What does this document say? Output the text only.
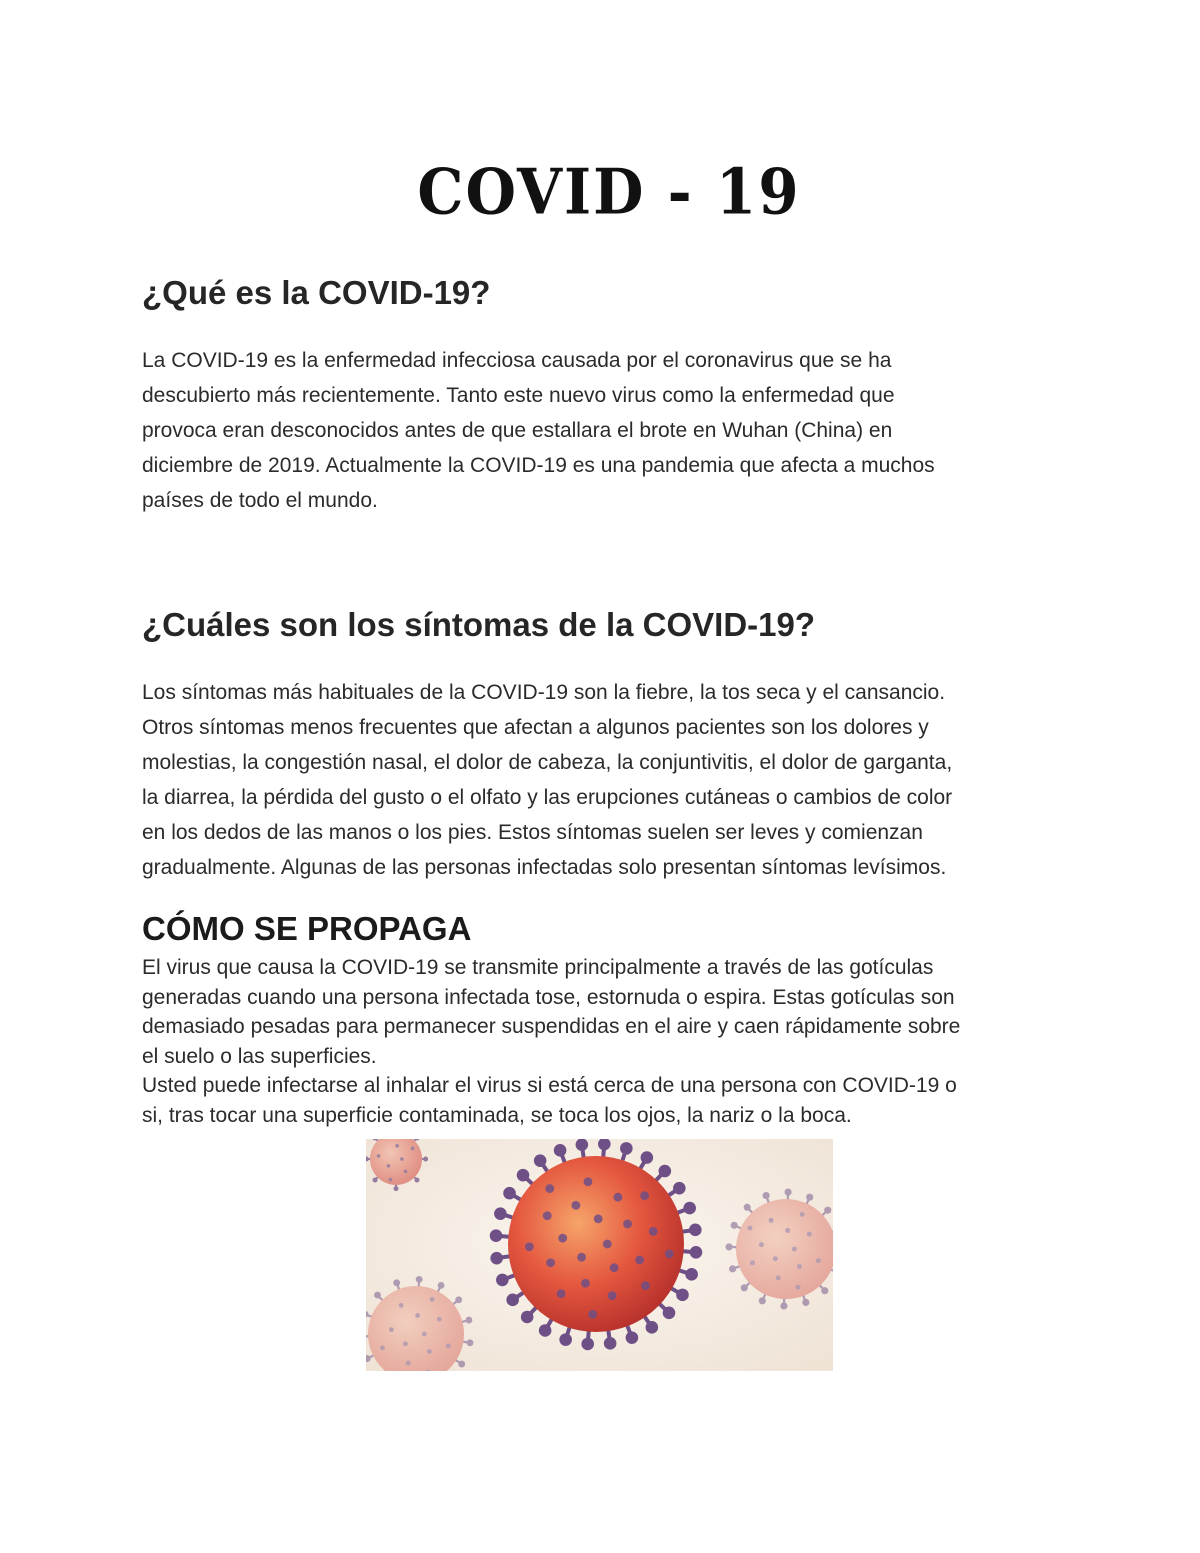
COVID - 19
¿Qué es la COVID-19?
La COVID-19 es la enfermedad infecciosa causada por el coronavirus que se ha
descubierto más recientemente. Tanto este nuevo virus como la enfermedad que
provoca eran desconocidos antes de que estallara el brote en Wuhan (China) en
diciembre de 2019. Actualmente la COVID-19 es una pandemia que afecta a muchos
países de todo el mundo.
¿Cuáles son los síntomas de la COVID-19?
Los síntomas más habituales de la COVID-19 son la fiebre, la tos seca y el cansancio.
Otros síntomas menos frecuentes que afectan a algunos pacientes son los dolores y
molestias, la congestión nasal, el dolor de cabeza, la conjuntivitis, el dolor de garganta,
la diarrea, la pérdida del gusto o el olfato y las erupciones cutáneas o cambios de color
en los dedos de las manos o los pies. Estos síntomas suelen ser leves y comienzan
gradualmente. Algunas de las personas infectadas solo presentan síntomas levísimos.
CÓMO SE PROPAGA
El virus que causa la COVID-19 se transmite principalmente a través de las gotículas
generadas cuando una persona infectada tose, estornuda o espira. Estas gotículas son
demasiado pesadas para permanecer suspendidas en el aire y caen rápidamente sobre
el suelo o las superficies.
Usted puede infectarse al inhalar el virus si está cerca de una persona con COVID-19 o
si, tras tocar una superficie contaminada, se toca los ojos, la nariz o la boca.
